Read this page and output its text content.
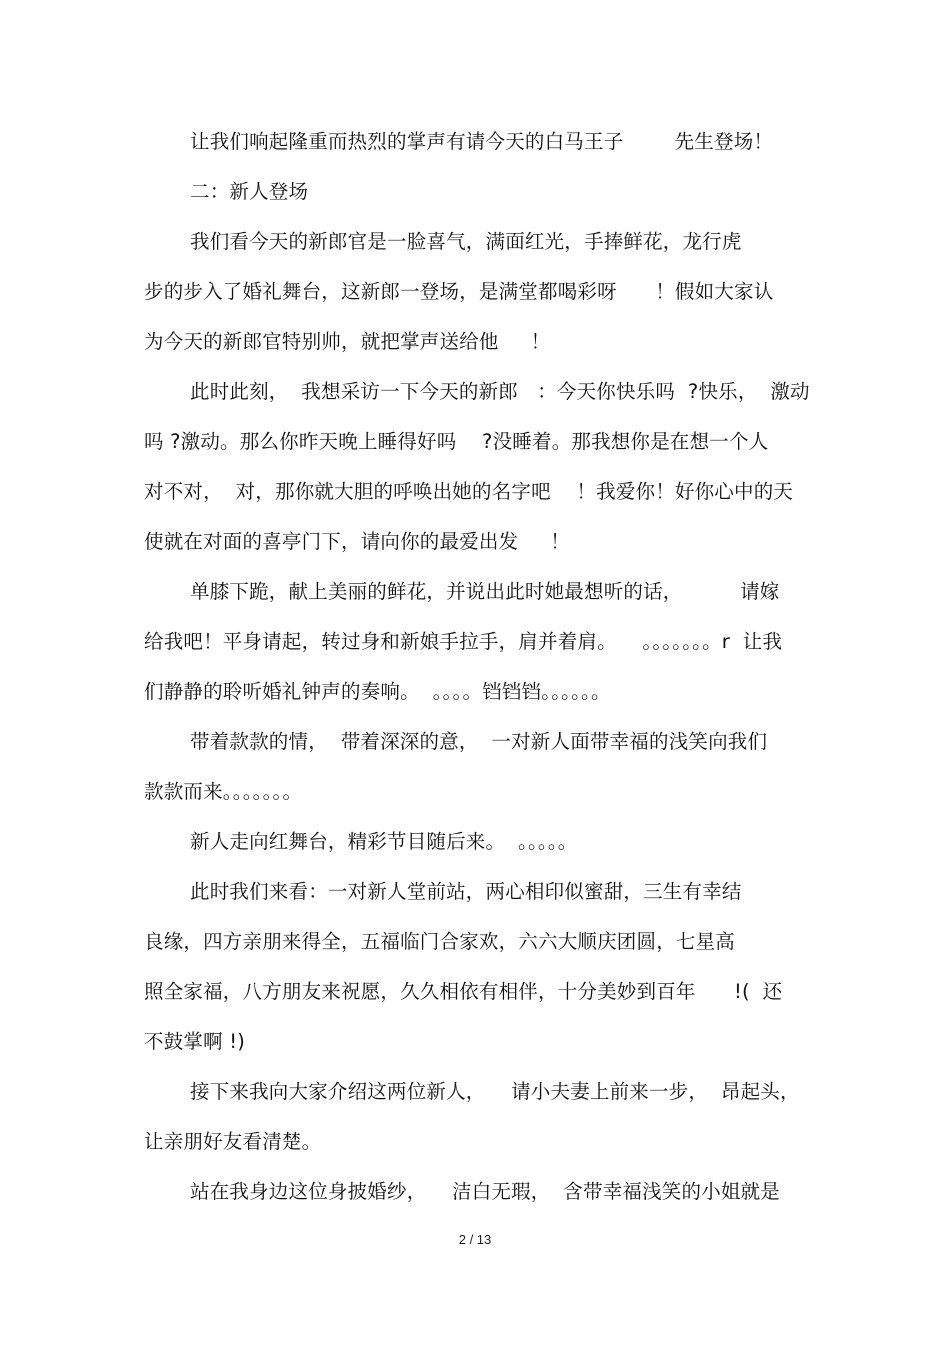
让我们响起隆重而热烈的掌声有请今天的白马王子        先生登场！
二：新人登场
我们看今天的新郎官是一脸喜气，满面红光，手捧鲜花，龙行虎
步的步入了婚礼舞台，这新郎一登场，是满堂都喝彩呀      ！假如大家认
为今天的新郎官特别帅，就把掌声送给他     ！
此时此刻，  我想采访一下今天的新郎   ：今天你快乐吗  ?快乐，  激动
吗 ?激动。那么你昨天晚上睡得好吗    ?没睡着。那我想你是在想一个人
对不对，  对，那你就大胆的呼唤出她的名字吧    ！我爱你！好你心中的天
使就在对面的喜亭门下，请向你的最爱出发     ！
单膝下跪，献上美丽的鲜花，并说出此时她最想听的话，         请嫁
给我吧！平身请起，转过身和新娘手拉手，肩并着肩。    。。。。。。。r  让我
们静静的聆听婚礼钟声的奏响。  。。。。铛铛铛。。。。。。
带着款款的情，  带着深深的意，  一对新人面带幸福的浅笑向我们
款款而来。。。。。。。
新人走向红舞台，精彩节目随后来。  。。。。。
此时我们来看：一对新人堂前站，两心相印似蜜甜，三生有幸结
良缘，四方亲朋来得全，五福临门合家欢，六六大顺庆团圆，七星高
照全家福，八方朋友来祝愿，久久相依有相伴，十分美妙到百年      !(  还
不鼓掌啊 !)
接下来我向大家介绍这两位新人，    请小夫妻上前来一步，  昂起头，
让亲朋好友看清楚。
站在我身边这位身披婚纱，    洁白无瑕，  含带幸福浅笑的小姐就是
2 / 13
